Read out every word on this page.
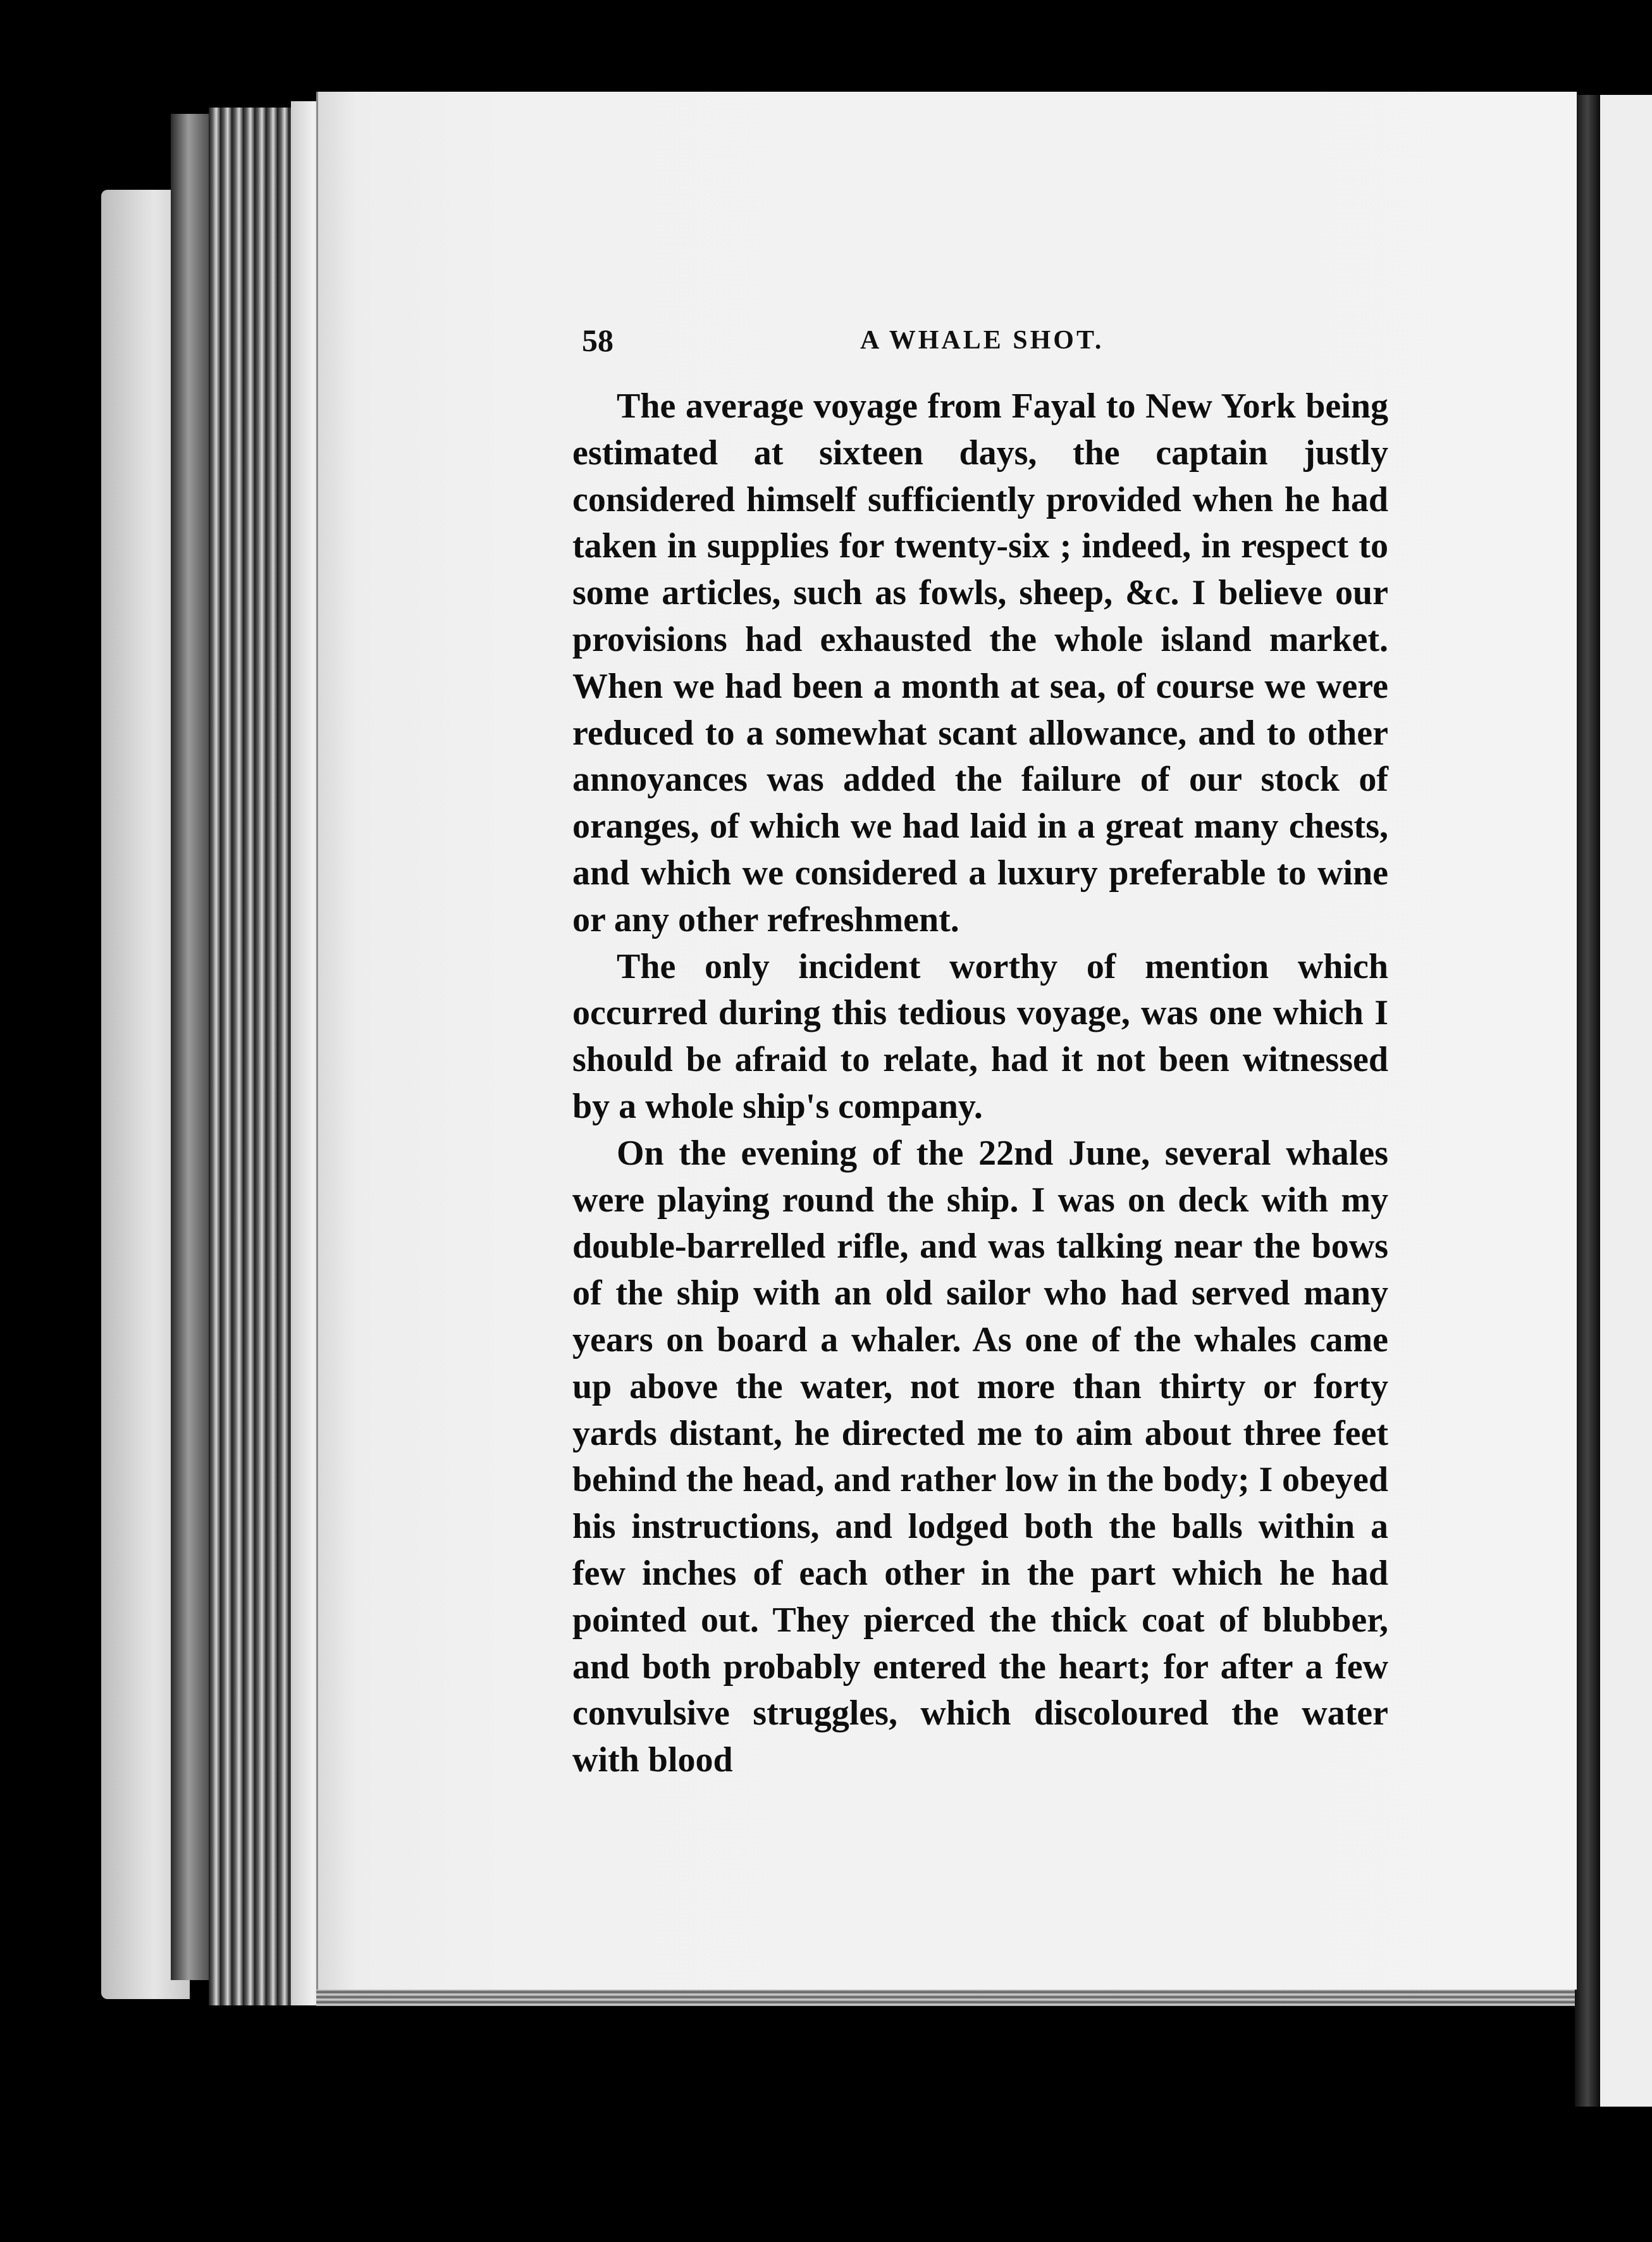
58	A WHALE SHOT.

The average voyage from Fayal to New York being estimated at sixteen days, the captain justly considered himself sufficiently provided when he had taken in supplies for twenty-six ; indeed, in respect to some articles, such as fowls, sheep, &c. I believe our provisions had exhausted the whole island market. When we had been a month at sea, of course we were reduced to a somewhat scant allowance, and to other annoyances was added the failure of our stock of oranges, of which we had laid in a great many chests, and which we considered a luxury preferable to wine or any other refreshment.

The only incident worthy of mention which occurred during this tedious voyage, was one which I should be afraid to relate, had it not been witnessed by a whole ship's company.

On the evening of the 22nd June, several whales were playing round the ship. I was on deck with my double-barrelled rifle, and was talking near the bows of the ship with an old sailor who had served many years on board a whaler. As one of the whales came up above the water, not more than thirty or forty yards distant, he directed me to aim about three feet behind the head, and rather low in the body; I obeyed his instructions, and lodged both the balls within a few inches of each other in the part which he had pointed out. They pierced the thick coat of blubber, and both probably entered the heart; for after a few convulsive struggles, which discoloured the water with blood
